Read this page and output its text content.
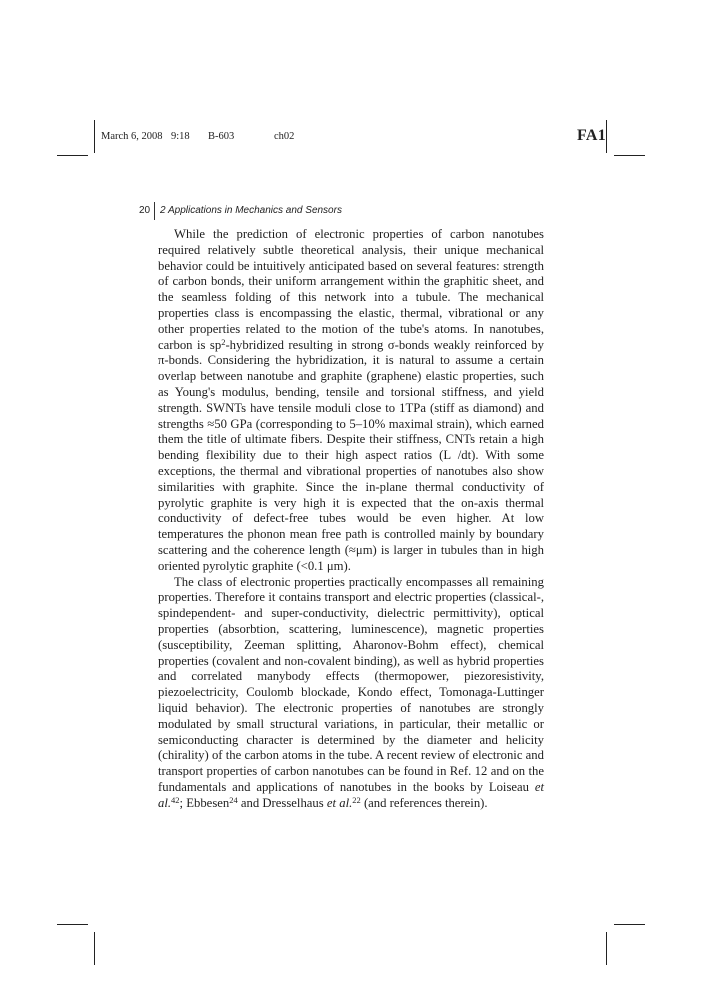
March 6, 2008 9:18 B-603	ch02	FA1
20 2 Applications in Mechanics and Sensors

While the prediction of electronic properties of carbon nanotubes required relatively subtle theoretical analysis, their unique mechanical behavior could be intuitively anticipated based on several features: strength of carbon bonds, their uniform arrangement within the graphitic sheet, and the seamless folding of this network into a tubule. The mechanical properties class is encompassing the elastic, thermal, vibrational or any other properties related to the motion of the tube's atoms. In nanotubes, carbon is $sp^2$-hybridized resulting in strong σ-bonds weakly reinforced by π-bonds. Considering the hybridization, it is natural to assume a certain overlap between nanotube and graphite (graphene) elastic properties, such as Young's modulus, bending, tensile and torsional stiffness, and yield strength. SWNTs have tensile moduli close to 1TPa (stiff as diamond) and strengths ≈50 GPa (corresponding to 5–10% maximal strain), which earned them the title of ultimate fibers. Despite their stiffness, CNTs retain a high bending flexibility due to their high aspect ratios (L /dt). With some exceptions, the thermal and vibrational properties of nanotubes also show similarities with graphite. Since the in-plane thermal conductivity of pyrolytic graphite is very high it is expected that the on-axis thermal conductivity of defect-free tubes would be even higher. At low temperatures the phonon mean free path is controlled mainly by boundary scattering and the coherence length (≈μm) is larger in tubules than in high oriented pyrolytic graphite (<0.1 μm).

The class of electronic properties practically encompasses all remaining properties. Therefore it contains transport and electric properties (classical-, spindependent- and super-conductivity, dielectric permittivity), optical properties (absorbtion, scattering, luminescence), magnetic properties (susceptibility, Zeeman splitting, Aharonov-Bohm effect), chemical properties (covalent and non-covalent binding), as well as hybrid properties and correlated manybody effects (thermopower, piezoresistivity, piezoelectricity, Coulomb blockade, Kondo effect, Tomonaga-Luttinger liquid behavior). The electronic properties of nanotubes are strongly modulated by small structural variations, in particular, their metallic or semiconducting character is determined by the diameter and helicity (chirality) of the carbon atoms in the tube. A recent review of electronic and transport properties of carbon nanotubes can be found in Ref. 12 and on the fundamentals and applications of nanotubes in the books by Loiseau et al.$^{42}$; Ebbesen$^{24}$ and Dresselhaus et al.$^{22}$ (and references therein).
